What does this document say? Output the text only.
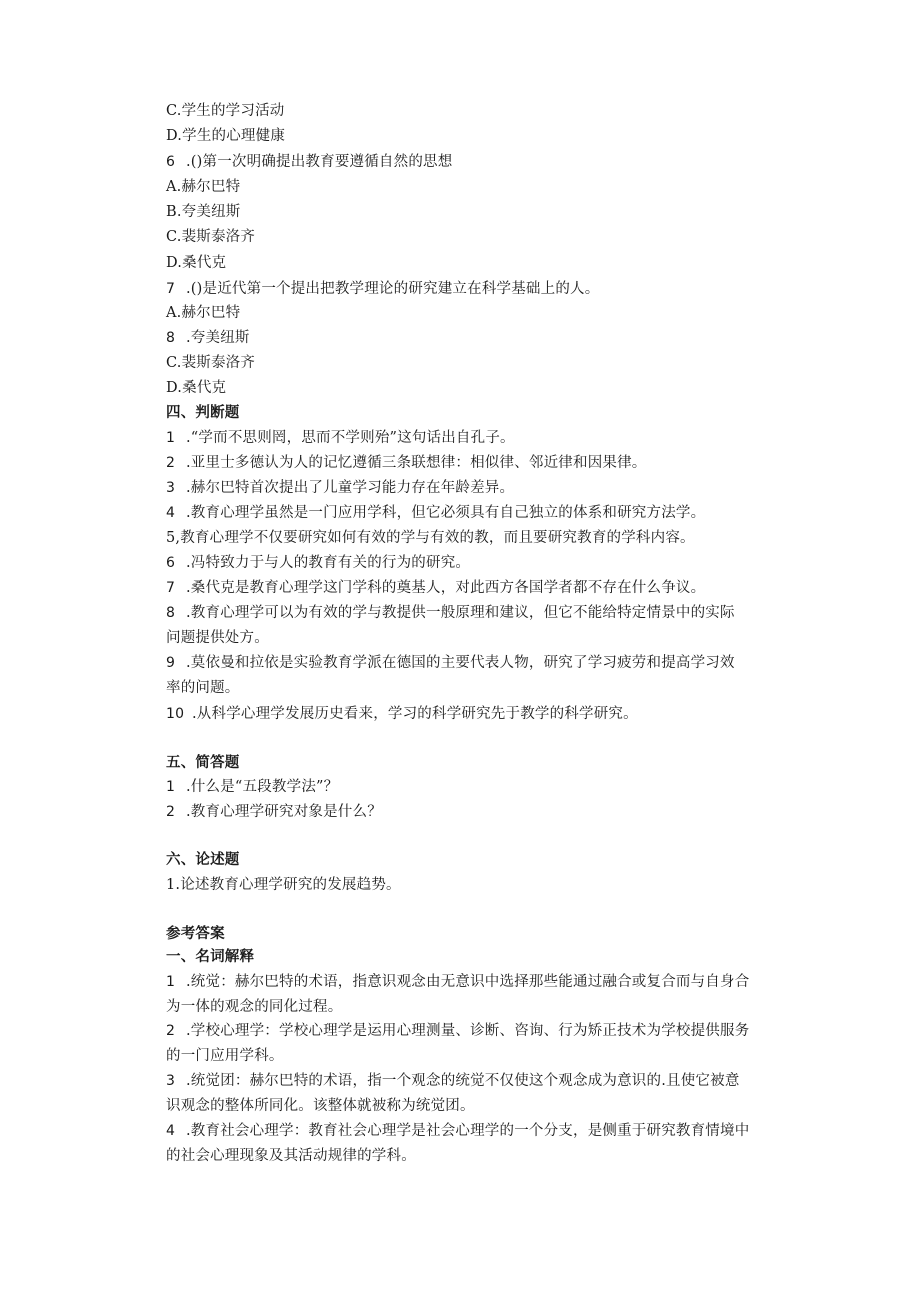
C.学生的学习活动
D.学生的心理健康
6 .()第一次明确提出教育要遵循自然的思想
A.赫尔巴特
B.夸美纽斯
C.裴斯泰洛齐
D.桑代克
7 .()是近代第一个提出把教学理论的研究建立在科学基础上的人。
A.赫尔巴特
8 .夸美纽斯
C.裴斯泰洛齐
D.桑代克
四、判断题
1 .“学而不思则罔，思而不学则殆”这句话出自孔子。
2 .亚里士多德认为人的记忆遵循三条联想律：相似律、邻近律和因果律。
3 .赫尔巴特首次提出了儿童学习能力存在年龄差异。
4 .教育心理学虽然是一门应用学科，但它必须具有自己独立的体系和研究方法学。
5,教育心理学不仅要研究如何有效的学与有效的教，而且要研究教育的学科内容。
6 .冯特致力于与人的教育有关的行为的研究。
7 .桑代克是教育心理学这门学科的奠基人，对此西方各国学者都不存在什么争议。
8 .教育心理学可以为有效的学与教提供一般原理和建议，但它不能给特定情景中的实际
问题提供处方。
9 .莫依曼和拉依是实验教育学派在德国的主要代表人物，研究了学习疲劳和提高学习效
率的问题。
10 .从科学心理学发展历史看来，学习的科学研究先于教学的科学研究。
五、简答题
1 .什么是“五段教学法”？
2 .教育心理学研究对象是什么？
六、论述题
1.论述教育心理学研究的发展趋势。
参考答案
一、名词解释
1 .统觉：赫尔巴特的术语，指意识观念由无意识中选择那些能通过融合或复合而与自身合
为一体的观念的同化过程。
2 .学校心理学：学校心理学是运用心理测量、诊断、咨询、行为矫正技术为学校提供服务
的一门应用学科。
3 .统觉团：赫尔巴特的术语，指一个观念的统觉不仅使这个观念成为意识的.且使它被意
识观念的整体所同化。该整体就被称为统觉团。
4 .教育社会心理学：教育社会心理学是社会心理学的一个分支，是侧重于研究教育情境中
的社会心理现象及其活动规律的学科。
